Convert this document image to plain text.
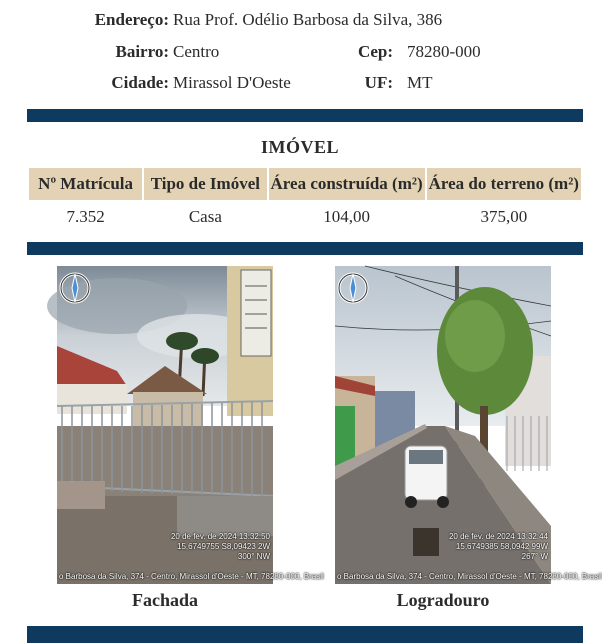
Endereço: Rua Prof. Odélio Barbosa da Silva, 386
Bairro: Centro	Cep: 78280-000
Cidade: Mirassol D'Oeste	UF: MT
IMÓVEL
Nº Matrícula	Tipo de Imóvel	Área construída (m²)	Área do terreno (m²)
7.352	Casa	104,00	375,00
20 de fev. de 2024 13:32:50
15,6749755 S8,09423 2W
300° NW
o Barbosa da Silva, 374 - Centro, Mirassol d'Oeste - MT, 78280-000, Brasil
Fachada
20 de fev. de 2024 13:32:44
15,6749385 58,0942 99W
267° W
o Barbosa da Silva, 374 - Centro, Mirassol d'Oeste - MT, 78280-000, Brasil
Logradouro
